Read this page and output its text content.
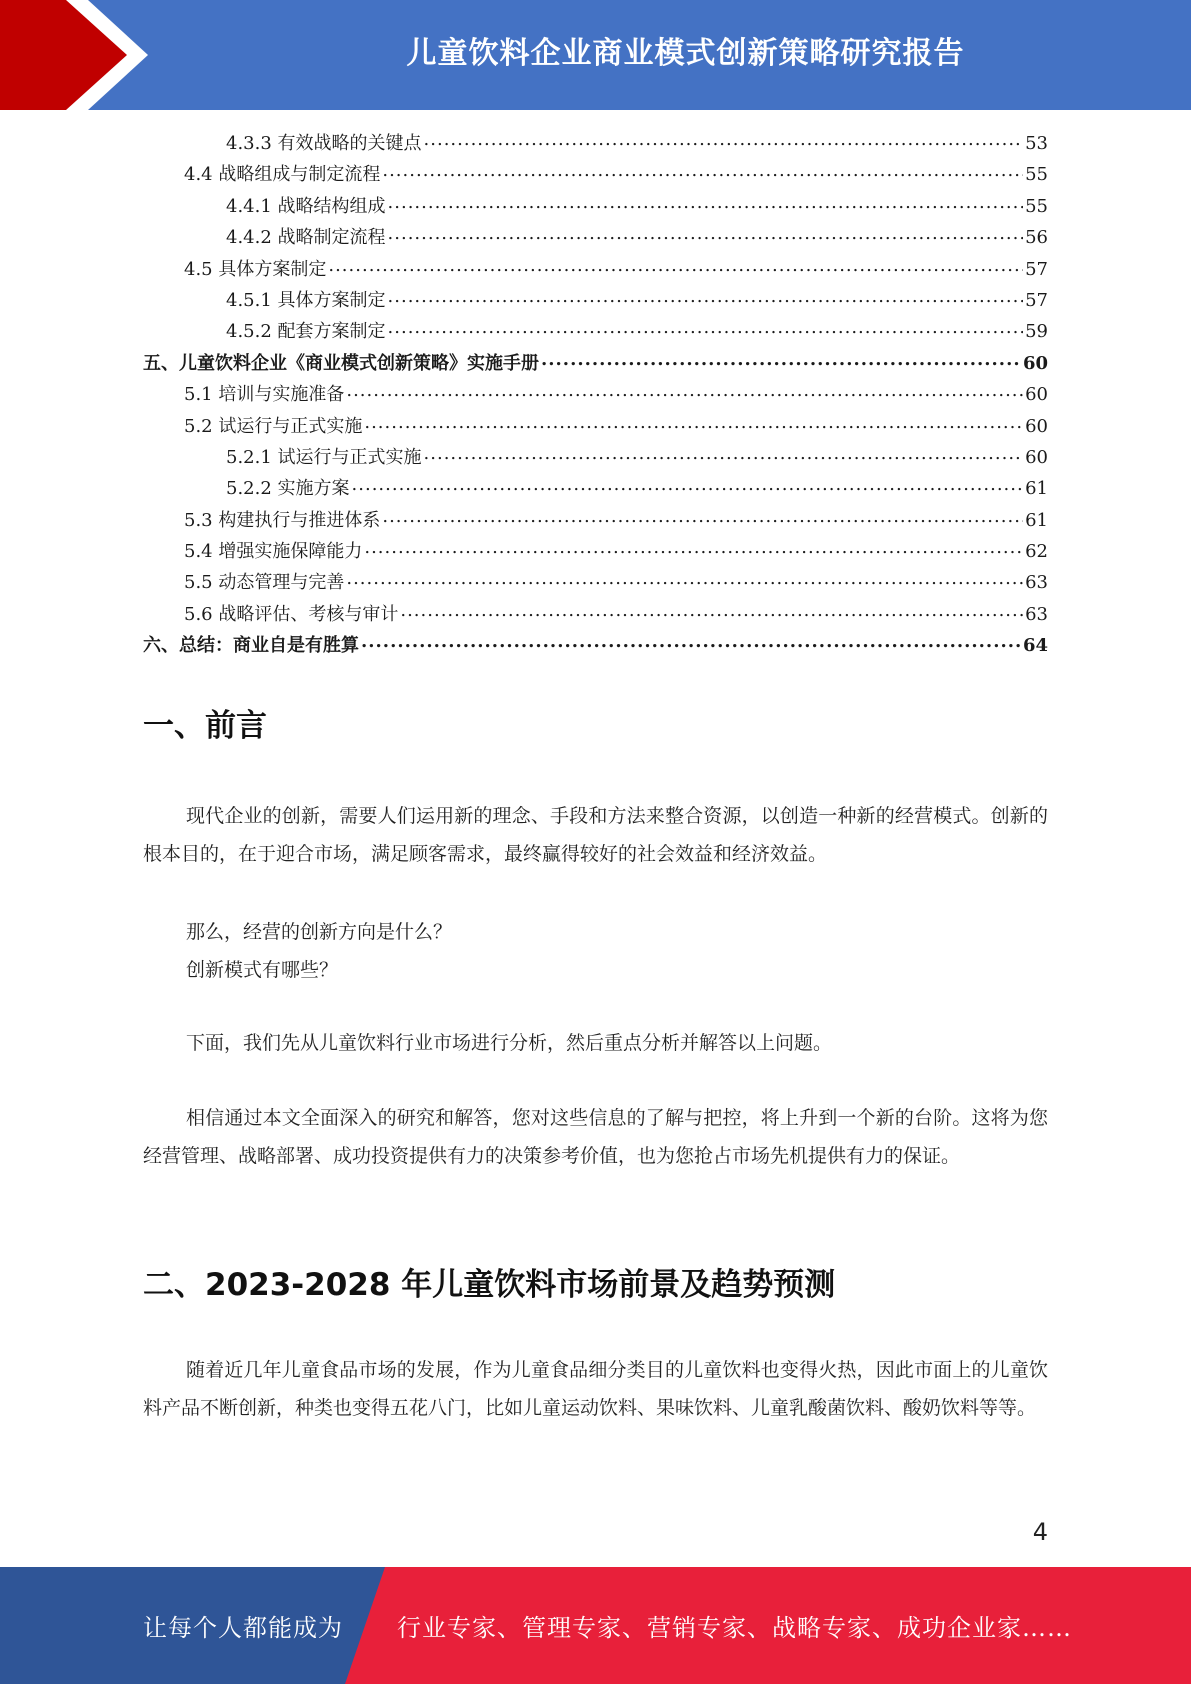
儿童饮料企业商业模式创新策略研究报告
4.3.3 有效战略的关键点 .....	53
4.4 战略组成与制定流程 .....	55
4.4.1 战略结构组成 .....	55
4.4.2 战略制定流程 .....	56
4.5 具体方案制定 .....	57
4.5.1 具体方案制定 .....	57
4.5.2 配套方案制定 .....	59
五、儿童饮料企业《商业模式创新策略》实施手册 .....	60
5.1 培训与实施准备 .....	60
5.2 试运行与正式实施 .....	60
5.2.1 试运行与正式实施 .....	60
5.2.2 实施方案 .....	61
5.3 构建执行与推进体系 .....	61
5.4 增强实施保障能力 .....	62
5.5 动态管理与完善 .....	63
5.6 战略评估、考核与审计 .....	63
六、总结：商业自是有胜算 .....	64
一、前言
现代企业的创新，需要人们运用新的理念、手段和方法来整合资源，以创造一种新的经营模式。创新的根本目的，在于迎合市场，满足顾客需求，最终赢得较好的社会效益和经济效益。
那么，经营的创新方向是什么？
创新模式有哪些？
下面，我们先从儿童饮料行业市场进行分析，然后重点分析并解答以上问题。
相信通过本文全面深入的研究和解答，您对这些信息的了解与把控，将上升到一个新的台阶。这将为您经营管理、战略部署、成功投资提供有力的决策参考价值，也为您抢占市场先机提供有力的保证。
二、2023-2028 年儿童饮料市场前景及趋势预测
随着近几年儿童食品市场的发展，作为儿童食品细分类目的儿童饮料也变得火热，因此市面上的儿童饮料产品不断创新，种类也变得五花八门，比如儿童运动饮料、果味饮料、儿童乳酸菌饮料、酸奶饮料等等。
4
让每个人都能成为 行业专家、管理专家、营销专家、战略专家、成功企业家……
